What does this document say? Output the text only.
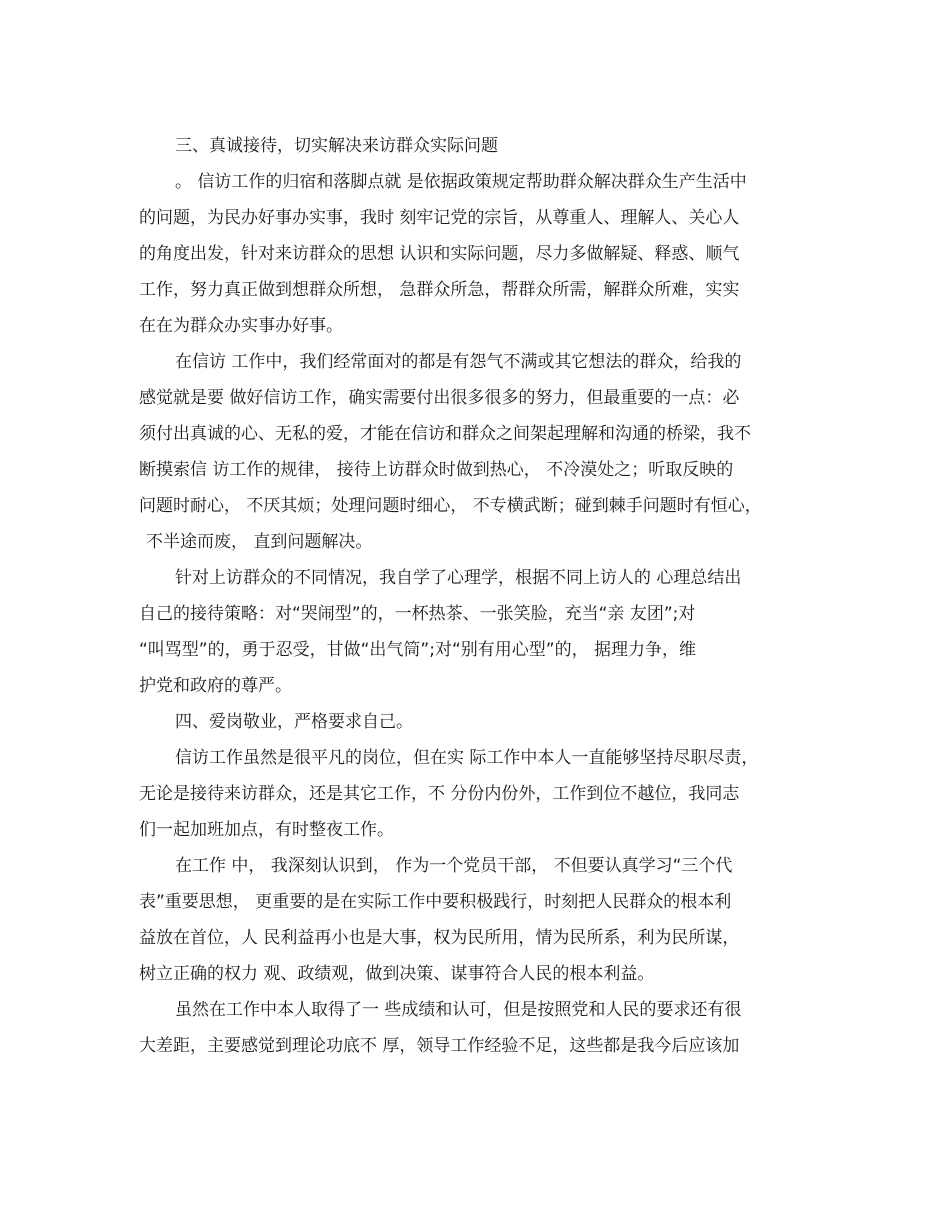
三、真诚接待，切实解决来访群众实际问题
。 信访工作的归宿和落脚点就 是依据政策规定帮助群众解决群众生产生活中
的问题，为民办好事办实事，我时 刻牢记党的宗旨，从尊重人、理解人、关心人
的角度出发，针对来访群众的思想 认识和实际问题，尽力多做解疑、释惑、顺气
工作，努力真正做到想群众所想， 急群众所急，帮群众所需，解群众所难，实实
在在为群众办实事办好事。
在信访 工作中，我们经常面对的都是有怨气不满或其它想法的群众，给我的
感觉就是要 做好信访工作，确实需要付出很多很多的努力，但最重要的一点：必
须付出真诚的心、无私的爱，才能在信访和群众之间架起理解和沟通的桥梁，我不
断摸索信 访工作的规律， 接待上访群众时做到热心， 不冷漠处之；听取反映的
问题时耐心， 不厌其烦；处理问题时细心， 不专横武断；碰到棘手问题时有恒心，
不半途而废， 直到问题解决。
针对上访群众的不同情况，我自学了心理学，根据不同上访人的 心理总结出
自己的接待策略：对“哭闹型”的，一杯热茶、一张笑脸，充当“亲 友团”;对
“叫骂型”的，勇于忍受，甘做“出气筒”;对“别有用心型”的， 据理力争，维
护党和政府的尊严。
四、爱岗敬业，严格要求自己。
信访工作虽然是很平凡的岗位，但在实 际工作中本人一直能够坚持尽职尽责，
无论是接待来访群众，还是其它工作，不 分份内份外，工作到位不越位，我同志
们一起加班加点，有时整夜工作。
在工作 中， 我深刻认识到， 作为一个党员干部， 不但要认真学习“三个代
表”重要思想， 更重要的是在实际工作中要积极践行，时刻把人民群众的根本利
益放在首位，人 民利益再小也是大事，权为民所用，情为民所系，利为民所谋，
树立正确的权力 观、政绩观，做到决策、谋事符合人民的根本利益。
虽然在工作中本人取得了一 些成绩和认可，但是按照党和人民的要求还有很
大差距，主要感觉到理论功底不 厚，领导工作经验不足，这些都是我今后应该加
